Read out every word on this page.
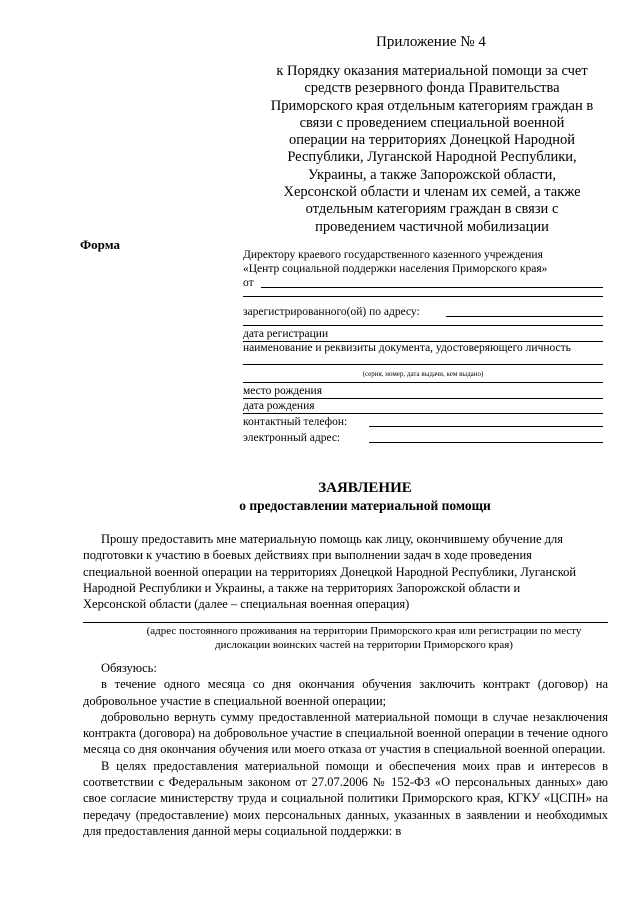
Приложение № 4
к Порядку оказания материальной помощи за счет
средств резервного фонда Правительства
Приморского края отдельным категориям граждан в
связи с проведением специальной военной
операции на территориях Донецкой Народной
Республики, Луганской Народной Республики,
Украины, а также Запорожской области,
Херсонской области и членам их семей, а также
отдельным категориям граждан в связи с
проведением частичной мобилизации
Форма
Директору краевого государственного казенного учреждения
«Центр социальной поддержки населения Приморского края»
от
зарегистрированного(ой) по адресу:
дата регистрации
наименование и реквизиты документа, удостоверяющего личность
(серия, номер, дата выдачи, кем выдано)
место рождения
дата рождения
контактный телефон:
электронный адрес:
ЗАЯВЛЕНИЕ
о предоставлении материальной помощи
Прошу предоставить мне материальную помощь как лицу, окончившему обучение для
подготовки к участию в боевых действиях при выполнении задач в ходе проведения
специальной военной операции на территориях Донецкой Народной Республики, Луганской
Народной Республики и Украины, а также на территориях Запорожской области и
Херсонской области (далее – специальная военная операция)
(адрес постоянного проживания на территории Приморского края или регистрации по месту дислокации воинских частей на территории Приморского края)
Обязуюсь:
в течение одного месяца со дня окончания обучения заключить контракт (договор) на добровольное участие в специальной военной операции;
добровольно вернуть сумму предоставленной материальной помощи в случае незаключения контракта (договора) на добровольное участие в специальной военной операции в течение одного месяца со дня окончания обучения или моего отказа от участия в специальной военной операции.
В целях предоставления материальной помощи и обеспечения моих прав и интересов в соответствии с Федеральным законом от 27.07.2006 № 152-ФЗ «О персональных данных» даю свое согласие министерству труда и социальной политики Приморского края, КГКУ «ЦСПН» на передачу (предоставление) моих персональных данных, указанных в заявлении и необходимых для предоставления данной меры социальной поддержки: в
